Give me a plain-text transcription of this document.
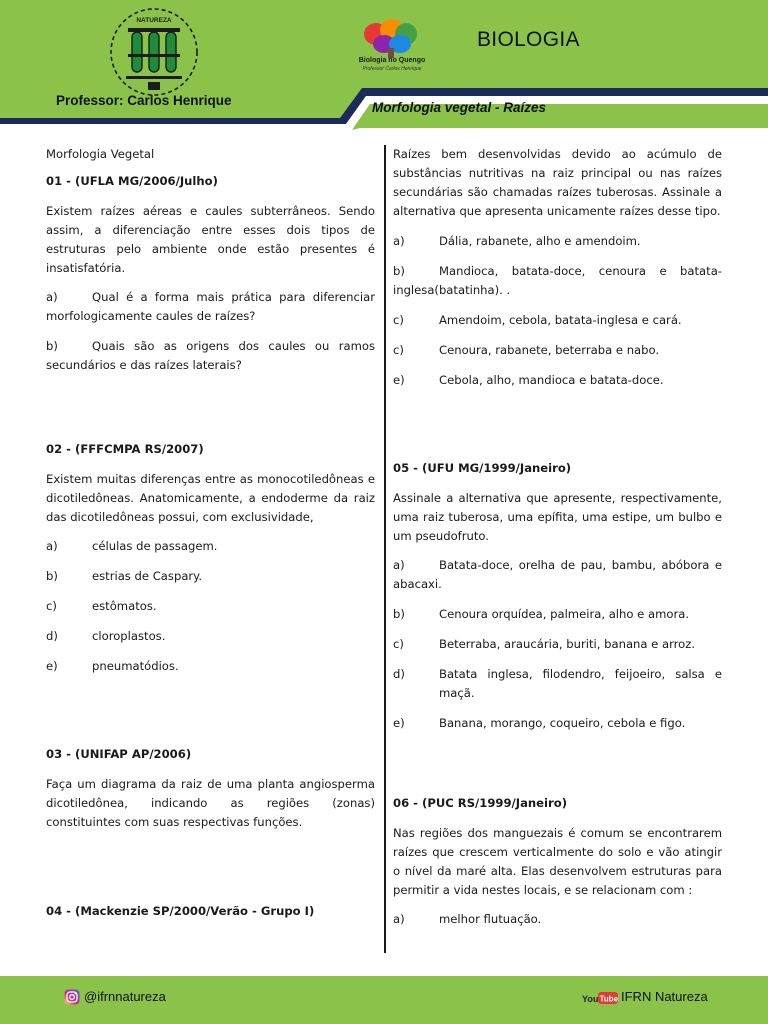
NATUREZA
Biologia no Quengo
Professor Carlos Henrique
BIOLOGIA
Professor: Carlos Henrique	Morfologia vegetal - Raízes
Morfologia Vegetal
01 - (UFLA MG/2006/Julho)
Existem raízes aéreas e caules subterrâneos. Sendo assim, a diferenciação entre esses dois tipos de estruturas pelo ambiente onde estão presentes é insatisfatória.
a)	Qual é a forma mais prática para diferenciar morfologicamente caules de raízes?
b)	Quais são as origens dos caules ou ramos secundários e das raízes laterais?
02 - (FFFCMPA RS/2007)
Existem muitas diferenças entre as monocotiledôneas e dicotiledôneas. Anatomicamente, a endoderme da raiz das dicotiledôneas possui, com exclusividade,
a)	células de passagem.
b)	estrias de Caspary.
c)	estômatos.
d)	cloroplastos.
e)	pneumatódios.
03 - (UNIFAP AP/2006)
Faça um diagrama da raiz de uma planta angiosperma dicotiledônea, indicando as regiões (zonas) constituintes com suas respectivas funções.
04 - (Mackenzie SP/2000/Verão - Grupo I)
Raízes bem desenvolvidas devido ao acúmulo de substâncias nutritivas na raiz principal ou nas raízes secundárias são chamadas raízes tuberosas. Assinale a alternativa que apresenta unicamente raízes desse tipo.
a)	Dália, rabanete, alho e amendoim.
b)	Mandioca, batata-doce, cenoura e batata-inglesa(batatinha). .
c)	Amendoim, cebola, batata-inglesa e cará.
c)	Cenoura, rabanete, beterraba e nabo.
e)	Cebola, alho, mandioca e batata-doce.
05 - (UFU MG/1999/Janeiro)
Assinale a alternativa que apresente, respectivamente, uma raiz tuberosa, uma epífita, uma estipe, um bulbo e um pseudofruto.
a)	Batata-doce, orelha de pau, bambu, abóbora e abacaxi.
b)	Cenoura orquídea, palmeira, alho e amora.
c)	Beterraba, araucária, buriti, banana e arroz.
d)	Batata inglesa, filodendro, feijoeiro, salsa e maçã.
e)	Banana, morango, coqueiro, cebola e figo.
06 - (PUC RS/1999/Janeiro)
Nas regiões dos manguezais é comum se encontrarem raízes que crescem verticalmente do solo e vão atingir o nível da maré alta. Elas desenvolvem estruturas para permitir a vida nestes locais, e se relacionam com :
a)	melhor flutuação.
@ifrnnatureza	You Tube IFRN Natureza
